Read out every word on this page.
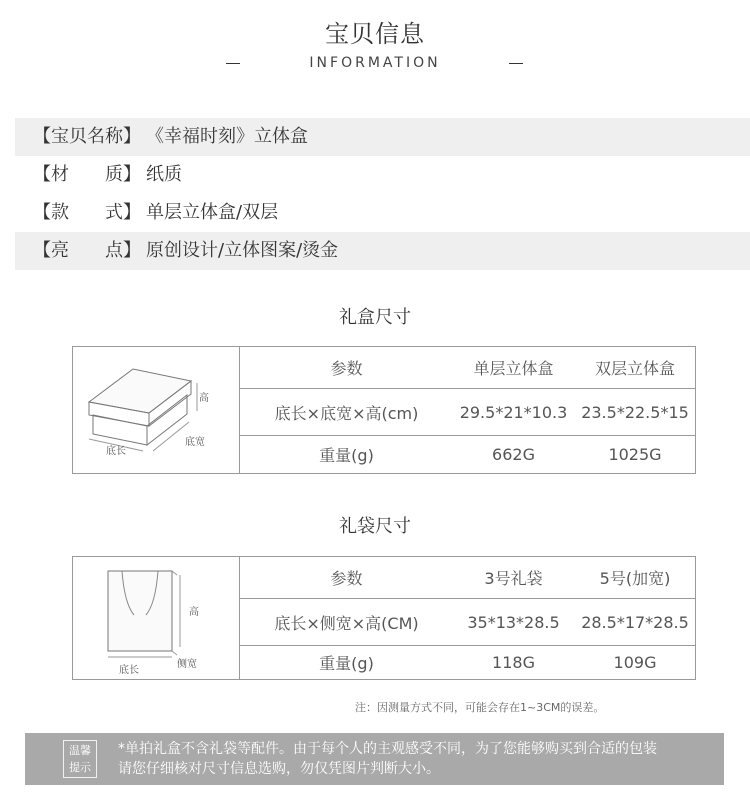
宝贝信息
INFORMATION
【宝贝名称】 《幸福时刻》立体盒
【材 质】 纸质
【款 式】 单层立体盒/双层
【亮 点】 原创设计/立体图案/烫金
礼盒尺寸
高
底长
底宽
参数	单层立体盒	双层立体盒
底长×底宽×高(cm)	29.5*21*10.3 23.5*22.5*15
重量(g)	662G	1025G
礼袋尺寸
高
底长
侧宽
参数	3号礼袋	5号(加宽)
底长×侧宽×高(CM)	35*13*28.5	28.5*17*28.5
重量(g)	118G	109G
注：因测量方式不同，可能会存在1~3CM的误差。
温馨
提示
*单拍礼盒不含礼袋等配件。由于每个人的主观感受不同，为了您能够购买到合适的包装
请您仔细核对尺寸信息选购，勿仅凭图片判断大小。
